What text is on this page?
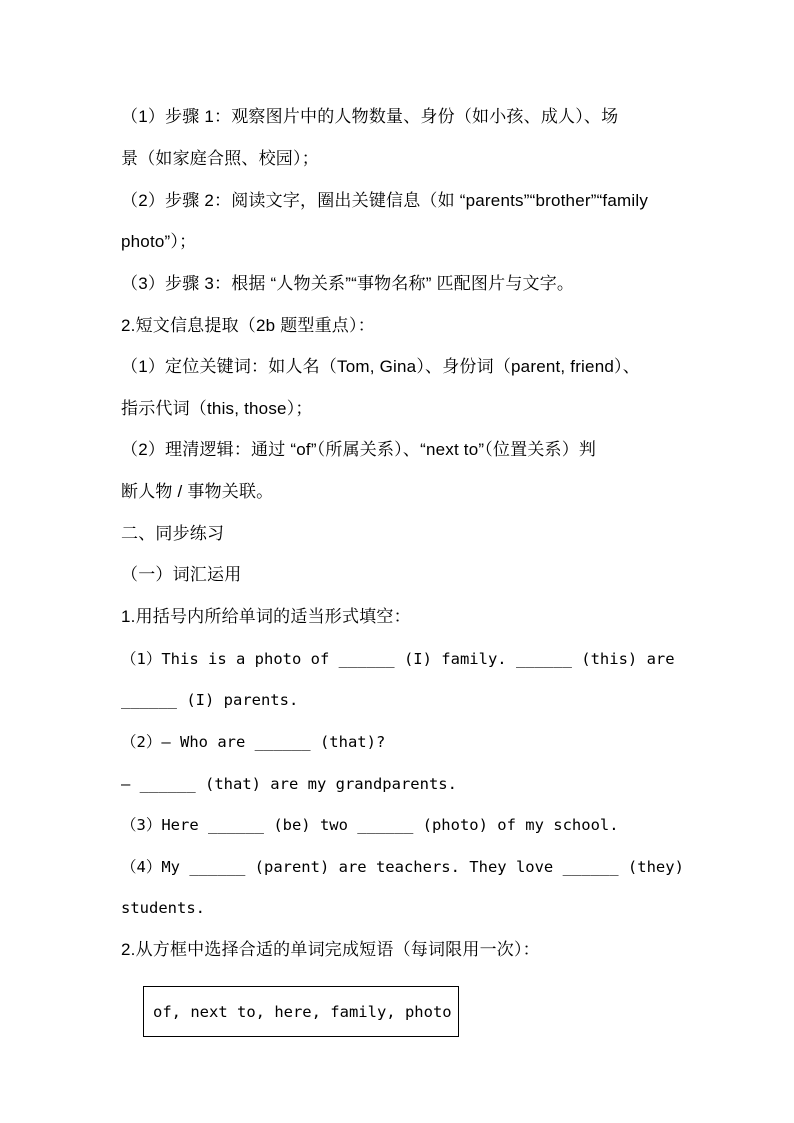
（1）步骤 1：观察图片中的人物数量、身份（如小孩、成人）、场
景（如家庭合照、校园）；
（2）步骤 2：阅读文字，圈出关键信息（如 “parents”“brother”“family
photo”）；
（3）步骤 3：根据 “人物关系”“事物名称” 匹配图片与文字。
2.短文信息提取（2b 题型重点）：
（1）定位关键词：如人名（Tom, Gina）、身份词（parent, friend）、
指示代词（this, those）；
（2）理清逻辑：通过 “of”（所属关系）、“next to”（位置关系）判
断人物 / 事物关联。
二、同步练习
（一）词汇运用
1.用括号内所给单词的适当形式填空：
（1）This is a photo of ______ (I) family. ______ (this) are
______ (I) parents.
（2）— Who are ______ (that)?
— ______ (that) are my grandparents.
（3）Here ______ (be) two ______ (photo) of my school.
（4）My ______ (parent) are teachers. They love ______ (they)
students.
2.从方框中选择合适的单词完成短语（每词限用一次）：
of, next to, here, family, photo
